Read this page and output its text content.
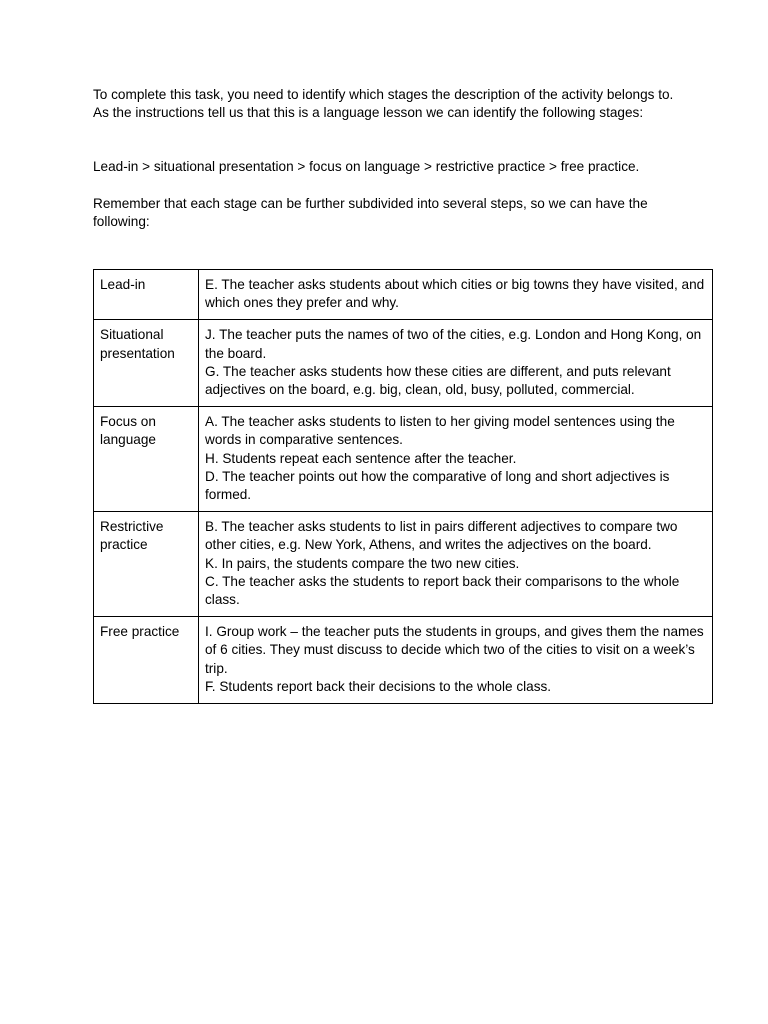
To complete this task, you need to identify which stages the description of the activity belongs to. As the instructions tell us that this is a language lesson we can identify the following stages:

Lead-in > situational presentation > focus on language > restrictive practice > free practice.

Remember that each stage can be further subdivided into several steps, so we can have the following:

Lead-in	E. The teacher asks students about which cities or big towns they have visited, and which ones they prefer and why.

Situational presentation	J. The teacher puts the names of two of the cities, e.g. London and Hong Kong, on the board.
G. The teacher asks students how these cities are different, and puts relevant adjectives on the board, e.g. big, clean, old, busy, polluted, commercial.

Focus on language	A. The teacher asks students to listen to her giving model sentences using the words in comparative sentences.
H. Students repeat each sentence after the teacher.
D. The teacher points out how the comparative of long and short adjectives is formed.

Restrictive practice	B. The teacher asks students to list in pairs different adjectives to compare two other cities, e.g. New York, Athens, and writes the adjectives on the board.
K. In pairs, the students compare the two new cities.
C. The teacher asks the students to report back their comparisons to the whole class.

Free practice	I. Group work – the teacher puts the students in groups, and gives them the names of 6 cities. They must discuss to decide which two of the cities to visit on a week’s trip.
F. Students report back their decisions to the whole class.
